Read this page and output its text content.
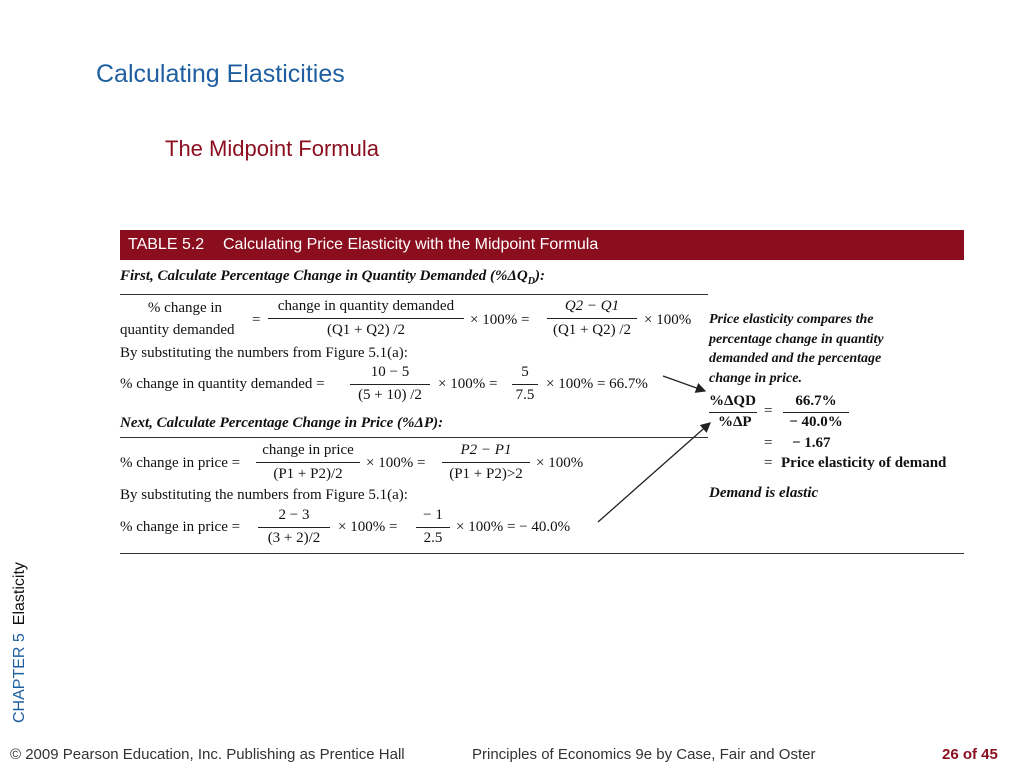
Calculating Elasticities
The Midpoint Formula
CHAPTER 5Elasticity
TABLE 5.2 Calculating Price Elasticity with the Midpoint Formula
First, Calculate Percentage Change in Quantity Demanded $(\%\Delta Q_D)$:
% change in
quantity demanded
=
change in quantity demanded
(Q1 + Q2) /2
× 100% =
Q2 − Q1
(Q1 + Q2) /2
× 100%
By substituting the numbers from Figure 5.1(a):
% change in quantity demanded =
10 − 5
(5 + 10) /2
× 100% =
5
7.5
× 100% = 66.7%
Next, Calculate Percentage Change in Price (%ΔP):
% change in price =
change in price
(P1 + P2)/2
× 100% =
P2 − P1
(P1 + P2)>2
× 100%
By substituting the numbers from Figure 5.1(a):
% change in price =
2 − 3
(3 + 2)/2
× 100% =
− 1
2.5
× 100% = − 40.0%
Price elasticity compares the
percentage change in quantity
demanded and the percentage
change in price.
%ΔQD
%ΔP
=
66.7%
− 40.0%
= − 1.67
= Price elasticity of demand
Demand is elastic
© 2009 Pearson Education, Inc. Publishing as Prentice Hall	Principles of Economics 9e by Case, Fair and Oster	26 of 45
